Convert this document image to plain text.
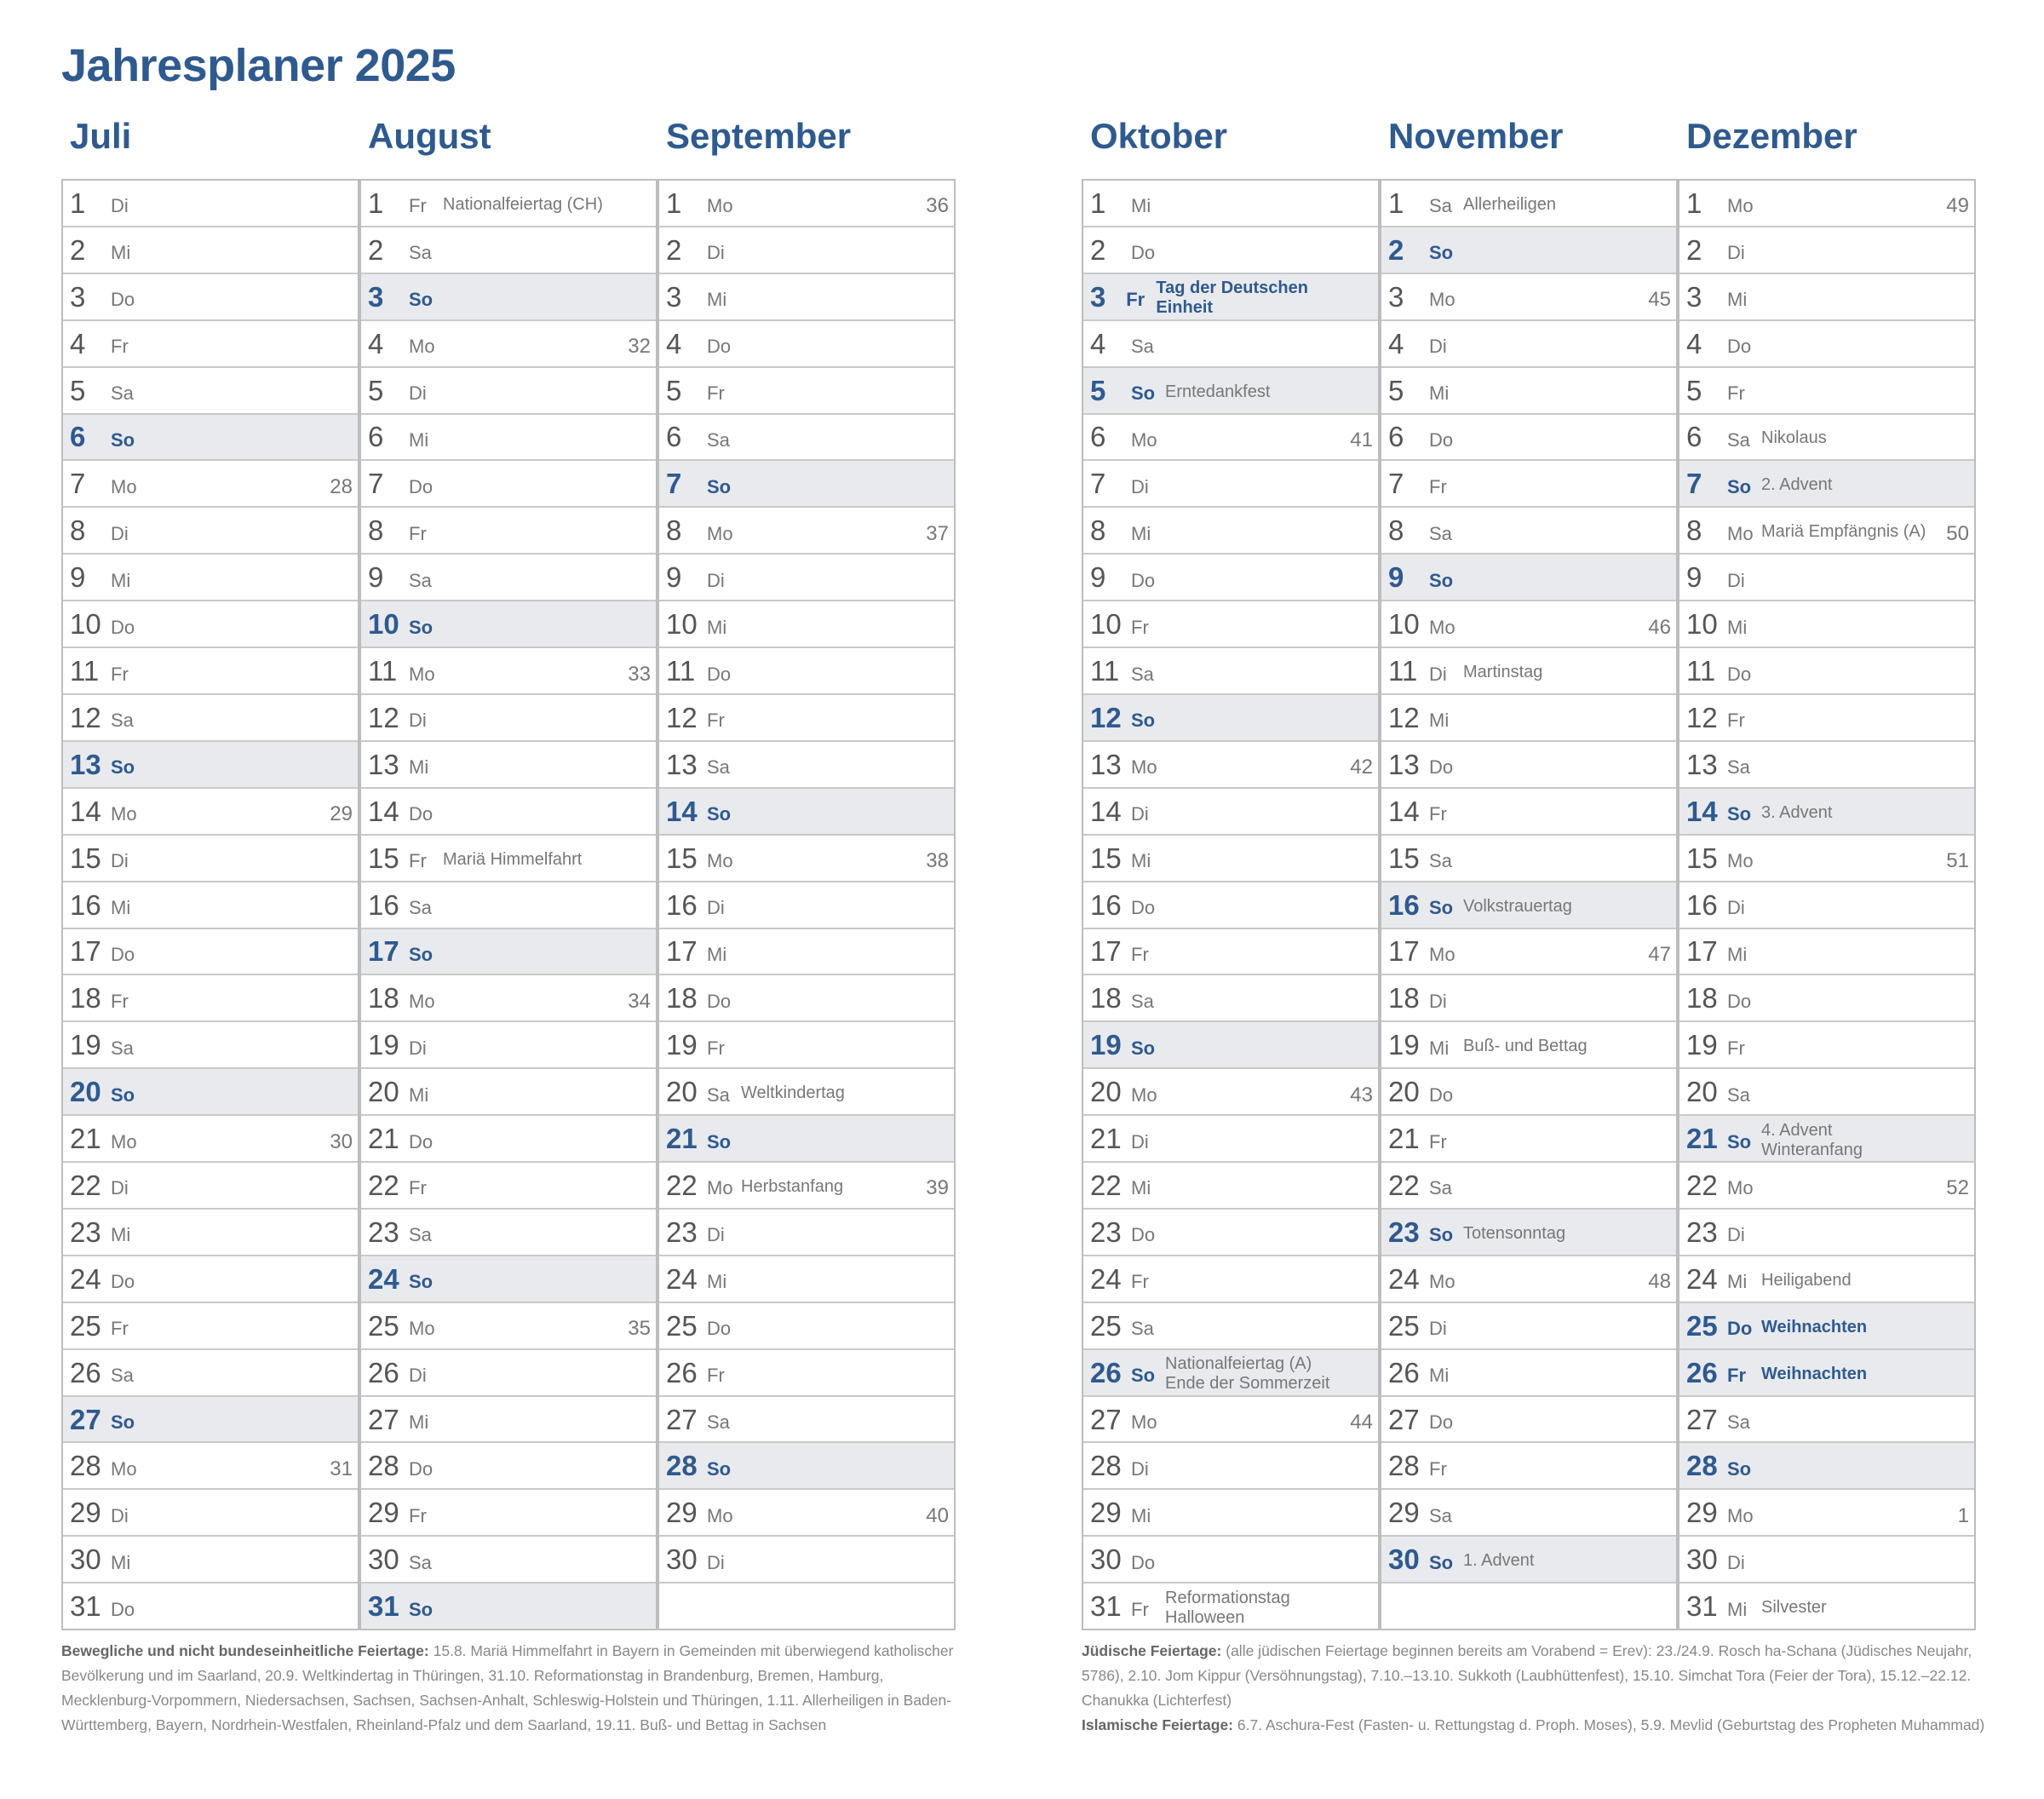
Jahresplaner 2025
Juli	August	September	Oktober	November	Dezember
1	Di
2	Mi
3	Do
4	Fr
5	Sa
6	So
7	Mo	28
8	Di
9	Mi
10 Do
11 Fr
12 Sa
13 So
14 Mo	29
15 Di
16 Mi
17 Do
18 Fr
19 Sa
20 So
21 Mo	30
22 Di
23 Mi
24 Do
25 Fr
26 Sa
27 So
28 Mo	31
29 Di
30 Mi
31 Do
1	Fr Nationalfeiertag (CH)
2	Sa
3	So
4	Mo	32
5	Di
6	Mi
7	Do
8	Fr
9	Sa
10 So
11 Mo	33
12 Di
13 Mi
14 Do
15 Fr Mariä Himmelfahrt
16 Sa
17 So
18 Mo	34
19 Di
20 Mi
21 Do
22 Fr
23 Sa
24 So
25 Mo	35
26 Di
27 Mi
28 Do
29 Fr
30 Sa
31 So
1	Mo	36
2	Di
3	Mi
4	Do
5	Fr
6	Sa
7	So
8	Mo	37
9	Di
10 Mi
11 Do
12 Fr
13 Sa
14 So
15 Mo	38
16 Di
17 Mi
18 Do
19 Fr
20 Sa Weltkindertag
21 So
22 Mo Herbstanfang	39
23 Di
24 Mi
25 Do
26 Fr
27 Sa
28 So
29 Mo	40
30 Di
1	Mi
2	Do
3	Fr
Tag der Deutschen Einheit
4	Sa
5	So Erntedankfest
6	Mo	41
7	Di
8	Mi
9	Do
10 Fr
11 Sa
12 So
13 Mo	42
14 Di
15 Mi
16 Do
17 Fr
18 Sa
19 So
20 Mo	43
21 Di
22 Mi
23 Do
24 Fr
25 Sa
26 So
Nationalfeiertag (A)
Ende der Sommerzeit
27 Mo	44
28 Di
29 Mi
30 Do
31 Fr
Reformationstag
Halloween
1	Sa Allerheiligen
2	So
3	Mo	45
4	Di
5	Mi
6	Do
7	Fr
8	Sa
9	So
10 Mo	46
11 Di Martinstag
12 Mi
13 Do
14 Fr
15 Sa
16 So Volkstrauertag
17 Mo	47
18 Di
19 Mi Buß- und Bettag
20 Do
21 Fr
22 Sa
23 So Totensonntag
24 Mo	48
25 Di
26 Mi
27 Do
28 Fr
29 Sa
30 So 1. Advent
1	Mo	49
2	Di
3	Mi
4	Do
5	Fr
6	Sa Nikolaus
7	So 2. Advent
8	Mo Mariä Empfängnis (A) 50
9	Di
10 Mi
11 Do
12 Fr
13 Sa
14 So 3. Advent
15 Mo	51
16 Di
17 Mi
18 Do
19 Fr
20 Sa
21 So
4. Advent
Winteranfang
22 Mo	52
23 Di
24 Mi Heiligabend
25 Do Weihnachten
26 Fr Weihnachten
27 Sa
28 So
29 Mo	1
30 Di
31 Mi Silvester
Bewegliche und nicht bundeseinheitliche Feiertage: 15.8. Mariä Himmelfahrt in Bayern in Gemeinden mit überwiegend katholischer Bevölkerung und im Saarland, 20.9. Weltkindertag in Thüringen, 31.10. Reformationstag in Brandenburg, Bremen, Hamburg, Mecklenburg-Vorpommern, Niedersachsen, Sachsen, Sachsen-Anhalt, Schleswig-Holstein und Thüringen, 1.11. Allerheiligen in Baden-Württemberg, Bayern, Nordrhein-Westfalen, Rheinland-Pfalz und dem Saarland, 19.11. Buß- und Bettag in Sachsen
Jüdische Feiertage: (alle jüdischen Feiertage beginnen bereits am Vorabend = Erev): 23./24.9. Rosch ha-Schana (Jüdisches Neujahr, 5786), 2.10. Jom Kippur (Versöhnungstag), 7.10.–13.10. Sukkoth (Laubhüttenfest), 15.10. Simchat Tora (Feier der Tora), 15.12.–22.12. Chanukka (Lichterfest)
Islamische Feiertage: 6.7. Aschura-Fest (Fasten- u. Rettungstag d. Proph. Moses), 5.9. Mevlid (Geburtstag des Propheten Muhammad)
